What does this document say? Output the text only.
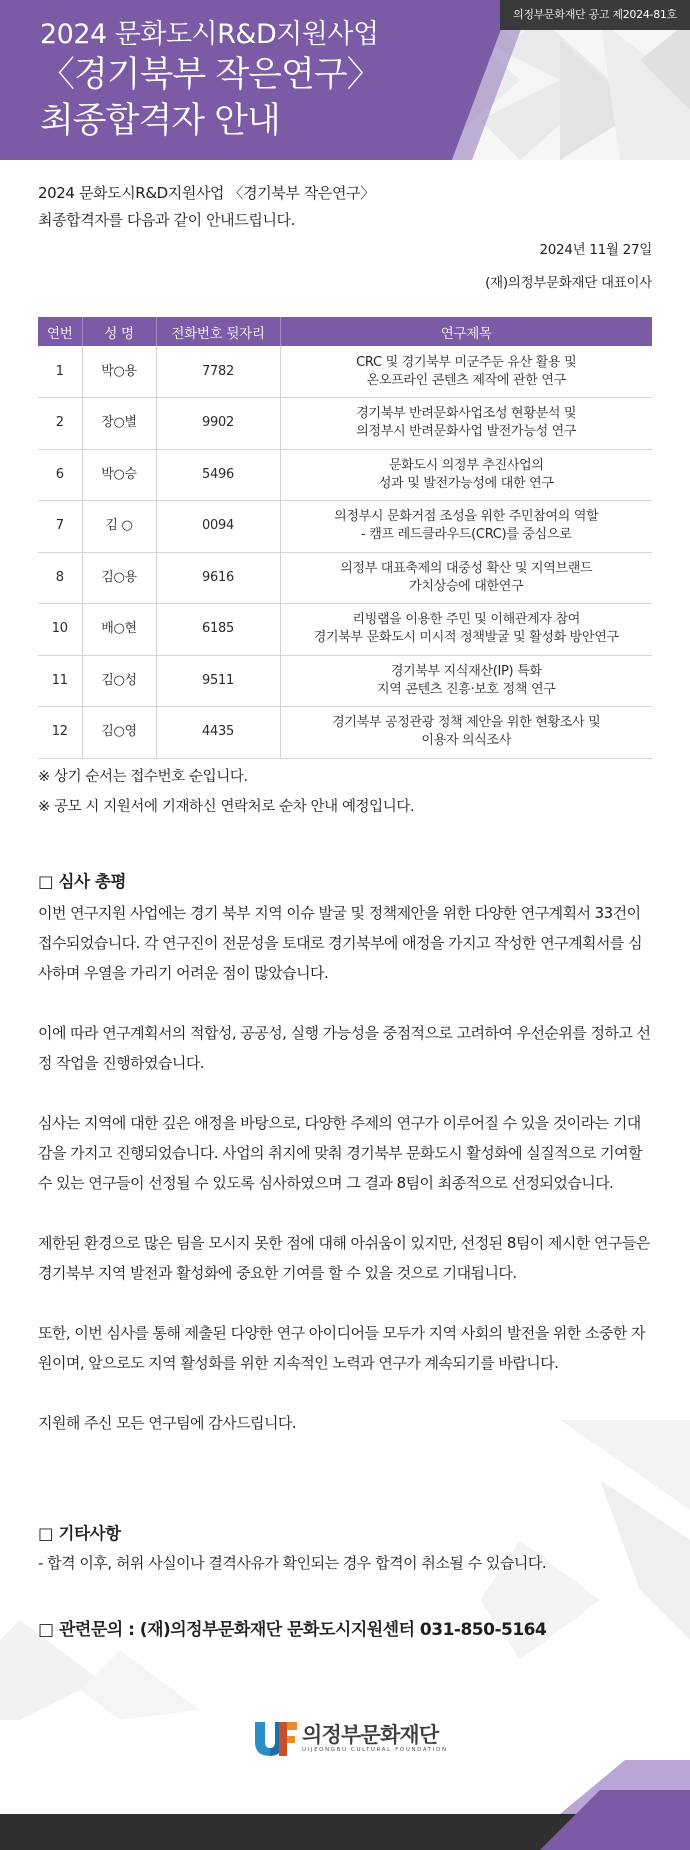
의정부문화재단 공고 제2024-81호
2024 문화도시R&D지원사업
〈경기북부 작은연구〉
최종합격자 안내

2024 문화도시R&D지원사업 〈경기북부 작은연구〉

최종합격자를 다음과 같이 안내드립니다.

2024년 11월 27일
(재)의정부문화재단 대표이사
연번	성 명	전화번호 뒷자리	연구제목
1	박○용	7782	CRC 및 경기북부 미군주둔 유산 활용 및
온오프라인 콘텐츠 제작에 관한 연구

2	장○별	9902	경기북부 반려문화사업조성 현황분석 및
의정부시 반려문화사업 발전가능성 연구

6	박○승	5496	문화도시 의정부 추진사업의
성과 및 발전가능성에 대한 연구

7	김 ○	0094	의정부시 문화거점 조성을 위한 주민참여의 역할
- 캠프 레드클라우드(CRC)를 중심으로

8	김○용	9616	의정부 대표축제의 대중성 확산 및 지역브랜드
가치상승에 대한연구

10	배○현	6185	리빙랩을 이용한 주민 및 이해관계자 참여
경기북부 문화도시 미시적 정책발굴 및 활성화 방안연구

11	김○성	9511	경기북부 지식재산(IP) 특화
지역 콘텐츠 진흥·보호 정책 연구

12	김○영	4435	경기북부 공정관광 정책 제안을 위한 현황조사 및
이용자 의식조사

※ 상기 순서는 접수번호 순입니다.

※ 공모 시 지원서에 기재하신 연락처로 순차 안내 예정입니다.

□ 심사 총평

이번 연구지원 사업에는 경기 북부 지역 이슈 발굴 및 정책제안을 위한 다양한 연구계획서 33건이 접수되었습니다. 각 연구진이 전문성을 토대로 경기북부에 애정을 가지고 작성한 연구계획서를 심사하며 우열을 가리기 어려운 점이 많았습니다.

이에 따라 연구계획서의 적합성, 공공성, 실행 가능성을 중점적으로 고려하여 우선순위를 정하고 선정 작업을 진행하였습니다.

심사는 지역에 대한 깊은 애정을 바탕으로, 다양한 주제의 연구가 이루어질 수 있을 것이라는 기대감을 가지고 진행되었습니다. 사업의 취지에 맞춰 경기북부 문화도시 활성화에 실질적으로 기여할 수 있는 연구들이 선정될 수 있도록 심사하였으며 그 결과 8팀이 최종적으로 선정되었습니다.

제한된 환경으로 많은 팀을 모시지 못한 점에 대해 아쉬움이 있지만, 선정된 8팀이 제시한 연구들은 경기북부 지역 발전과 활성화에 중요한 기여를 할 수 있을 것으로 기대됩니다.

또한, 이번 심사를 통해 제출된 다양한 연구 아이디어들 모두가 지역 사회의 발전을 위한 소중한 자원이며, 앞으로도 지역 활성화를 위한 지속적인 노력과 연구가 계속되기를 바랍니다.

지원해 주신 모든 연구팀에 감사드립니다.

□ 기타사항
- 합격 이후, 허위 사실이나 결격사유가 확인되는 경우 합격이 취소될 수 있습니다.
□ 관련문의 : (재)의정부문화재단 문화도시지원센터 031-850-5164
의정부문화재단
UIJEONGBU CULTURAL FOUNDATION
